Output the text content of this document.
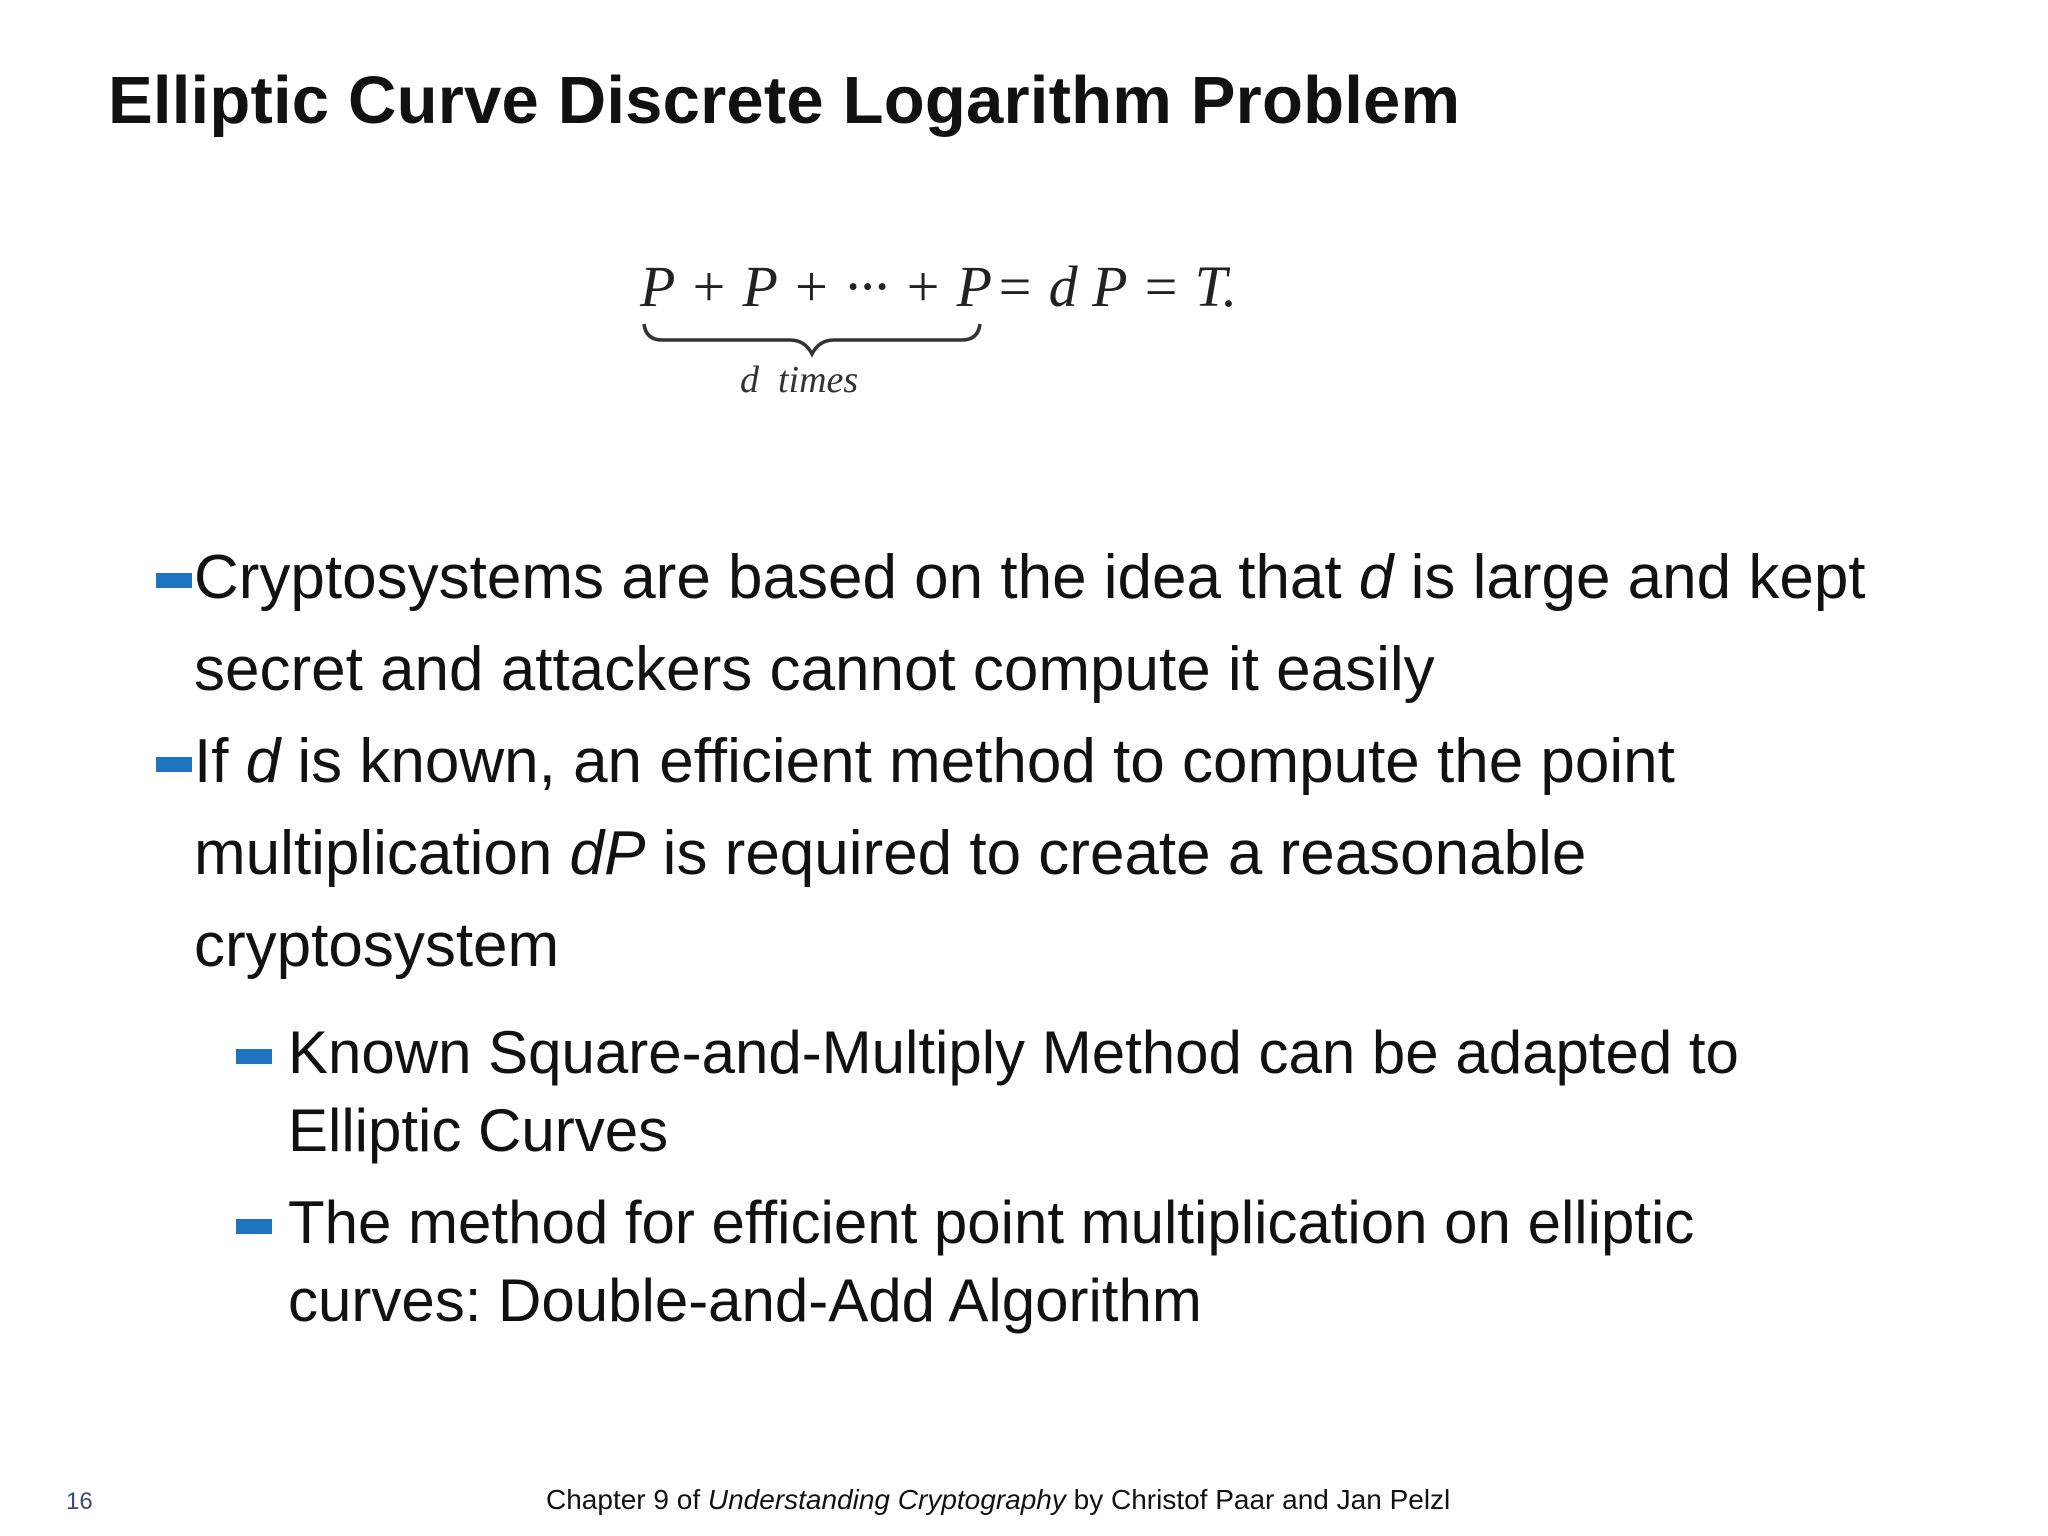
Elliptic Curve Discrete Logarithm Problem
P + P + ··· + P = d P = T.
d  times
Cryptosystems are based on the idea that d is large and kept secret and attackers cannot compute it easily
If d is known, an efficient method to compute the point multiplication dP is required to create a reasonable cryptosystem
Known Square-and-Multiply Method can be adapted to Elliptic Curves
The method for efficient point multiplication on elliptic curves: Double-and-Add Algorithm
16	Chapter 9 of Understanding Cryptography by Christof Paar and Jan Pelzl
